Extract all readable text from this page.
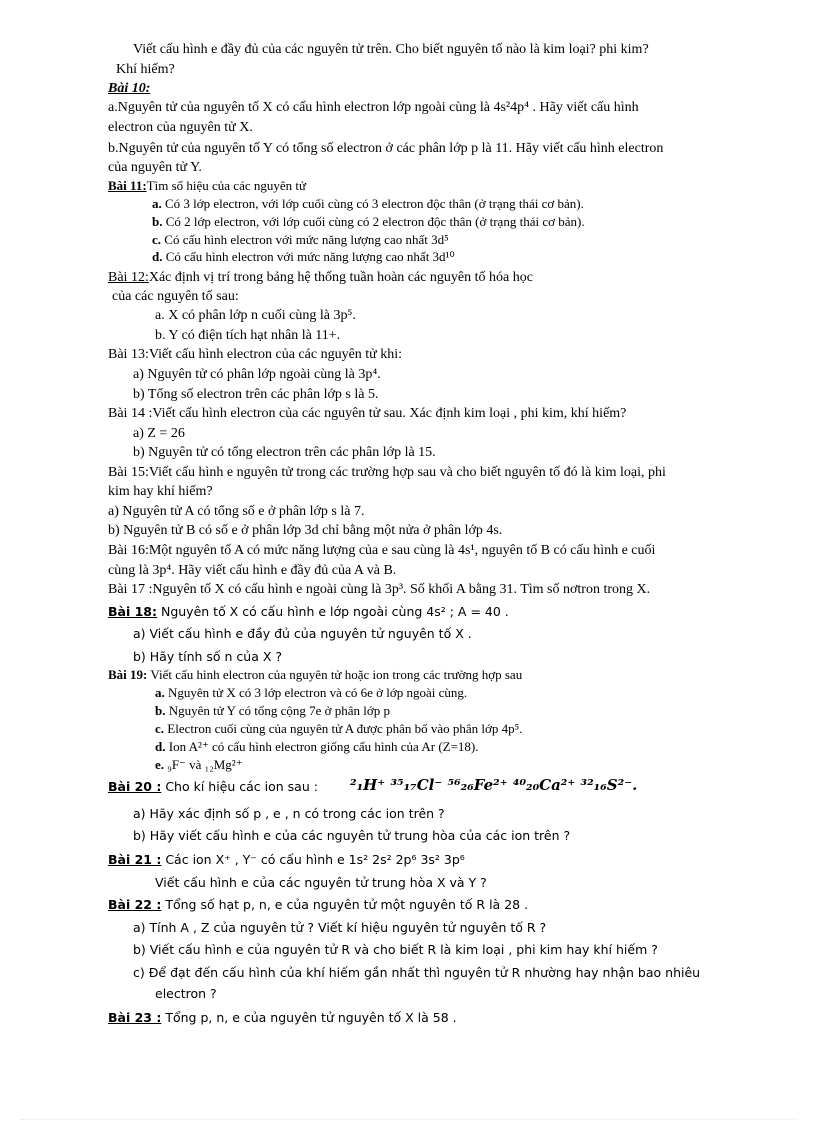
Viết cấu hình e đầy đủ của các nguyên tử trên. Cho biết nguyên tố nào là kim loại? phi kim?
Khí hiếm?
Bài 10:
a.Nguyên tử của nguyên tố X có cấu hình electron lớp ngoài cùng là 4s²4p⁴ . Hãy viết cấu hình
electron của nguyên tử X.
b.Nguyên tử của nguyên tố Y có tổng số electron ở các phân lớp p là 11. Hãy viết cấu hình electron
của nguyên tử Y.
Bài 11:Tìm số hiệu của các nguyên tử
a. Có 3 lớp electron, với lớp cuối cùng có 3 electron độc thân (ở trạng thái cơ bản).
b. Có 2 lớp electron, với lớp cuối cùng có 2 electron độc thân (ở trạng thái cơ bản).
c. Có cấu hình electron với mức năng lượng cao nhất 3d⁵
d. Có cấu hình electron với mức năng lượng cao nhất 3d¹⁰
Bài 12:Xác định vị trí trong bảng hệ thống tuần hoàn các nguyên tố hóa học
của các nguyên tố sau:
a. X có phân lớp n cuối cùng là 3p⁵.
b. Y có điện tích hạt nhân là 11+.
Bài 13:Viết cấu hình electron của các nguyên tử khi:
a) Nguyên tử có phân lớp ngoài cùng là 3p⁴.
b) Tổng số electron trên các phân lớp s là 5.
Bài 14 :Viết cấu hình electron của các nguyên tử sau. Xác định kim loại , phi kim, khí hiếm?
a) Z = 26
b) Nguyên tử có tổng electron trên các phân lớp là 15.
Bài 15:Viết cấu hình e nguyên tử trong các trường hợp sau và cho biết nguyên tố đó là kim loại, phi
kim hay khí hiếm?
a) Nguyên tử A có tổng số e ở phân lớp s là 7.
b) Nguyên tử B có số e ở phân lớp 3d chỉ bằng một nửa ở phân lớp 4s.
Bài 16:Một nguyên tố A có mức năng lượng của e sau cùng là 4s¹, nguyên tố B có cấu hình e cuối
cùng là 3p⁴. Hãy viết cấu hình e đầy đủ của A và B.
Bài 17 :Nguyên tố X có cấu hình e ngoài cùng là 3p³. Số khối A bằng 31. Tìm số nơtron trong X.
Bài 18: Nguyên tố X có cấu hình e lớp ngoài cùng 4s² ; A = 40 .
a) Viết cấu hình e đầy đủ của nguyên tử nguyên tố X .
b) Hãy tính số n của X ?
Bài 19: Viết cấu hình electron của nguyên tử hoặc ion trong các trường hợp sau
a. Nguyên tử X có 3 lớp electron và có 6e ở lớp ngoài cùng.
b. Nguyên tử Y có tổng cộng 7e ở phân lớp p
c. Electron cuối cùng của nguyên tử A được phân bố vào phân lớp 4p⁵.
d. Ion A²⁺ có cấu hình electron giống cấu hình của Ar (Z=18).
e. ₉F⁻ và ₁₂Mg²⁺
Bài 20 : Cho kí hiệu các ion sau : ²₁H⁺ ³⁵₁₇Cl⁻ ⁵⁶₂₆Fe²⁺ ⁴⁰₂₀Ca²⁺ ³²₁₆S²⁻.
a) Hãy xác định số p , e , n có trong các ion trên ?
b) Hãy viết cấu hình e của các nguyên tử trung hòa của các ion trên ?
Bài 21 : Các ion X⁺ , Y⁻ có cấu hình e 1s² 2s² 2p⁶ 3s² 3p⁶
Viết cấu hình e của các nguyên tử trung hòa X và Y ?
Bài 22 : Tổng số hạt p, n, e của nguyên tử một nguyên tố R là 28 .
a) Tính A , Z của nguyên tử ? Viết kí hiệu nguyên tử nguyên tố R ?
b) Viết cấu hình e của nguyên tử R và cho biết R là kim loại , phi kim hay khí hiếm ?
c) Để đạt đến cấu hình của khí hiếm gần nhất thì nguyên tử R nhường hay nhận bao nhiêu
electron ?
Bài 23 : Tổng p, n, e của nguyên tử nguyên tố X là 58 .
